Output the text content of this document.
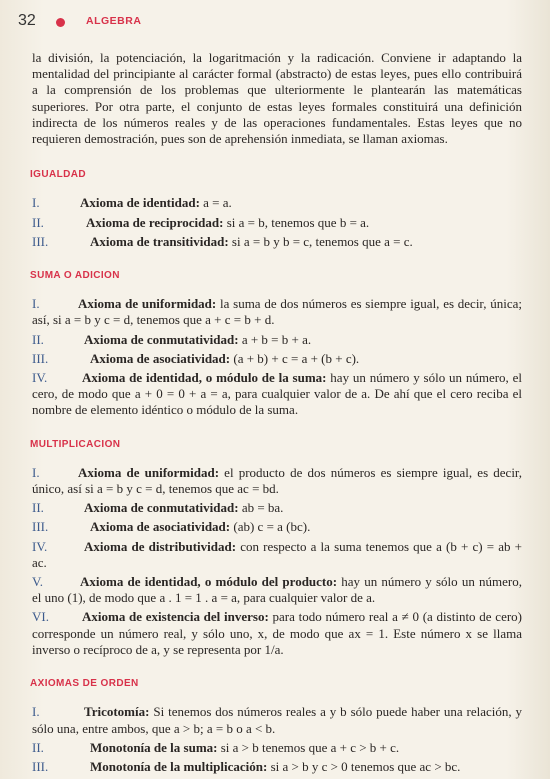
32	ALGEBRA

la división, la potenciación, la logaritmación y la radicación. Conviene ir adaptando la mentalidad del principiante al carácter formal (abstracto) de estas leyes, pues ello contribuirá a la comprensión de los problemas que ulteriormente le plantearán las matemáticas superiores. Por otra parte, el conjunto de estas leyes formales constituirá una definición indirecta de los números reales y de las operaciones fundamentales. Estas leyes que no requieren demostración, pues son de aprehensión inmediata, se llaman axiomas.

IGUALDAD

I.	Axioma de identidad: a = a.

II.	Axioma de reciprocidad: si a = b, tenemos que b = a.

III.	Axioma de transitividad: si a = b y b = c, tenemos que a = c.

SUMA O ADICION

I.	Axioma de uniformidad: la suma de dos números es siempre igual, es decir, única; así, si a = b y c = d, tenemos que a + c = b + d.

II.	Axioma de conmutatividad: a + b = b + a.

III.	Axioma de asociatividad: (a + b) + c = a + (b + c).

IV.	Axioma de identidad, o módulo de la suma: hay un número y sólo un número, el cero, de modo que a + 0 = 0 + a = a, para cualquier valor de a. De ahí que el cero reciba el nombre de elemento idéntico o módulo de la suma.

MULTIPLICACION

I.	Axioma de uniformidad: el producto de dos números es siempre igual, es decir, único, así si a = b y c = d, tenemos que ac = bd.

II.	Axioma de conmutatividad: ab = ba.

III.	Axioma de asociatividad: (ab) c = a (bc).

IV.	Axioma de distributividad: con respecto a la suma tenemos que a (b + c) = ab + ac.

V.	Axioma de identidad, o módulo del producto: hay un número y sólo un número, el uno (1), de modo que a . 1 = 1 . a = a, para cualquier valor de a.

VI.	Axioma de existencia del inverso: para todo número real a ≠ 0 (a distinto de cero) corresponde un número real, y sólo uno, x, de modo que ax = 1. Este número x se llama inverso o recíproco de a, y se representa por 1/a.

AXIOMAS DE ORDEN

I.	Tricotomía: Si tenemos dos números reales a y b sólo puede haber una relación, y sólo una, entre ambos, que a > b; a = b o a < b.

II.	Monotonía de la suma: si a > b tenemos que a + c > b + c.

III.	Monotonía de la multiplicación: si a > b y c > 0 tenemos que ac > bc.
